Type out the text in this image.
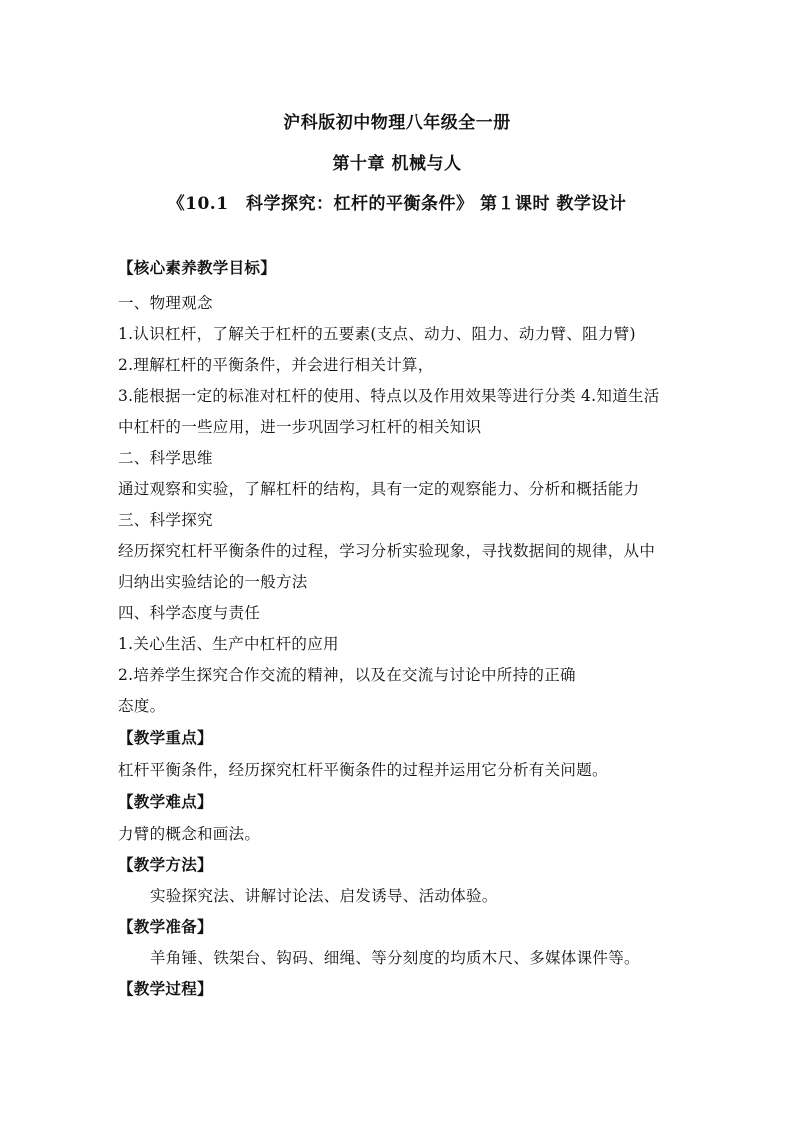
沪科版初中物理八年级全一册
第十章 机械与人
《10.1　科学探究：杠杆的平衡条件》 第１课时 教学设计
【核心素养教学目标】
一、物理观念
1.认识杠杆，了解关于杠杆的五要素(支点、动力、阻力、动力臂、阻力臂)
2.理解杠杆的平衡条件，并会进行相关计算，
3.能根据一定的标准对杠杆的使用、特点以及作用效果等进行分类 4.知道生活
中杠杆的一些应用，进一步巩固学习杠杆的相关知识
二、科学思维
通过观察和实验，了解杠杆的结构，具有一定的观察能力、分析和概括能力
三、科学探究
经历探究杠杆平衡条件的过程，学习分析实验现象，寻找数据间的规律，从中
归纳出实验结论的一般方法
四、科学态度与责任
1.关心生活、生产中杠杆的应用
2.培养学生探究合作交流的精神，以及在交流与讨论中所持的正确
态度。
【教学重点】
杠杆平衡条件，经历探究杠杆平衡条件的过程并运用它分析有关问题。
【教学难点】
力臂的概念和画法。
【教学方法】
实验探究法、讲解讨论法、启发诱导、活动体验。
【教学准备】
羊角锤、铁架台、钩码、细绳、等分刻度的均质木尺、多媒体课件等。
【教学过程】
